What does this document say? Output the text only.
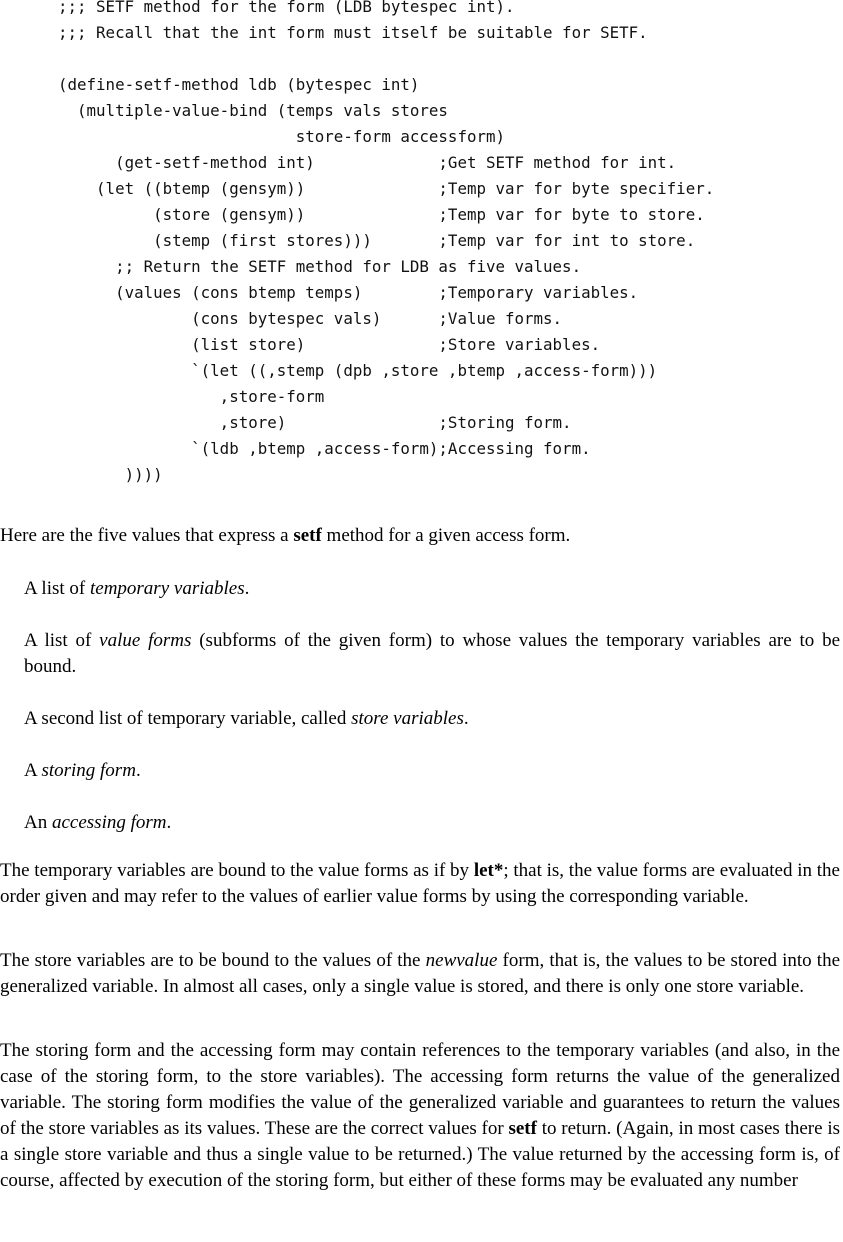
;;; SETF method for the form (LDB bytespec int).
;;; Recall that the int form must itself be suitable for SETF.
(define-setf-method ldb (bytespec int)
(multiple-value-bind (temps vals stores
store-form accessform)
(get-setf-method int)             ;Get SETF method for int.
(let ((btemp (gensym))              ;Temp var for byte specifier.
(store (gensym))              ;Temp var for byte to store.
(stemp (first stores)))       ;Temp var for int to store.
;; Return the SETF method for LDB as five values.
(values (cons btemp temps)        ;Temporary variables.
(cons bytespec vals)      ;Value forms.
(list store)              ;Store variables.
`(let ((,stemp (dpb ,store ,btemp ,access-form)))
,store-form
,store)                ;Storing form.
`(ldb ,btemp ,access-form);Accessing form.
))))

Here are the five values that express a setf method for a given access form.

A list of temporary variables.

A list of value forms (subforms of the given form) to whose values the temporary variables are to be bound.

A second list of temporary variable, called store variables.

A storing form.

An accessing form.

The temporary variables are bound to the value forms as if by let*; that is, the value forms are evaluated in the order given and may refer to the values of earlier value forms by using the corresponding variable.

The store variables are to be bound to the values of the newvalue form, that is, the values to be stored into the generalized variable. In almost all cases, only a single value is stored, and there is only one store variable.

The storing form and the accessing form may contain references to the temporary variables (and also, in the case of the storing form, to the store variables). The accessing form returns the value of the generalized variable. The storing form modifies the value of the generalized variable and guarantees to return the values of the store variables as its values. These are the correct values for setf to return. (Again, in most cases there is a single store variable and thus a single value to be returned.) The value returned by the accessing form is, of course, affected by execution of the storing form, but either of these forms may be evaluated any number
